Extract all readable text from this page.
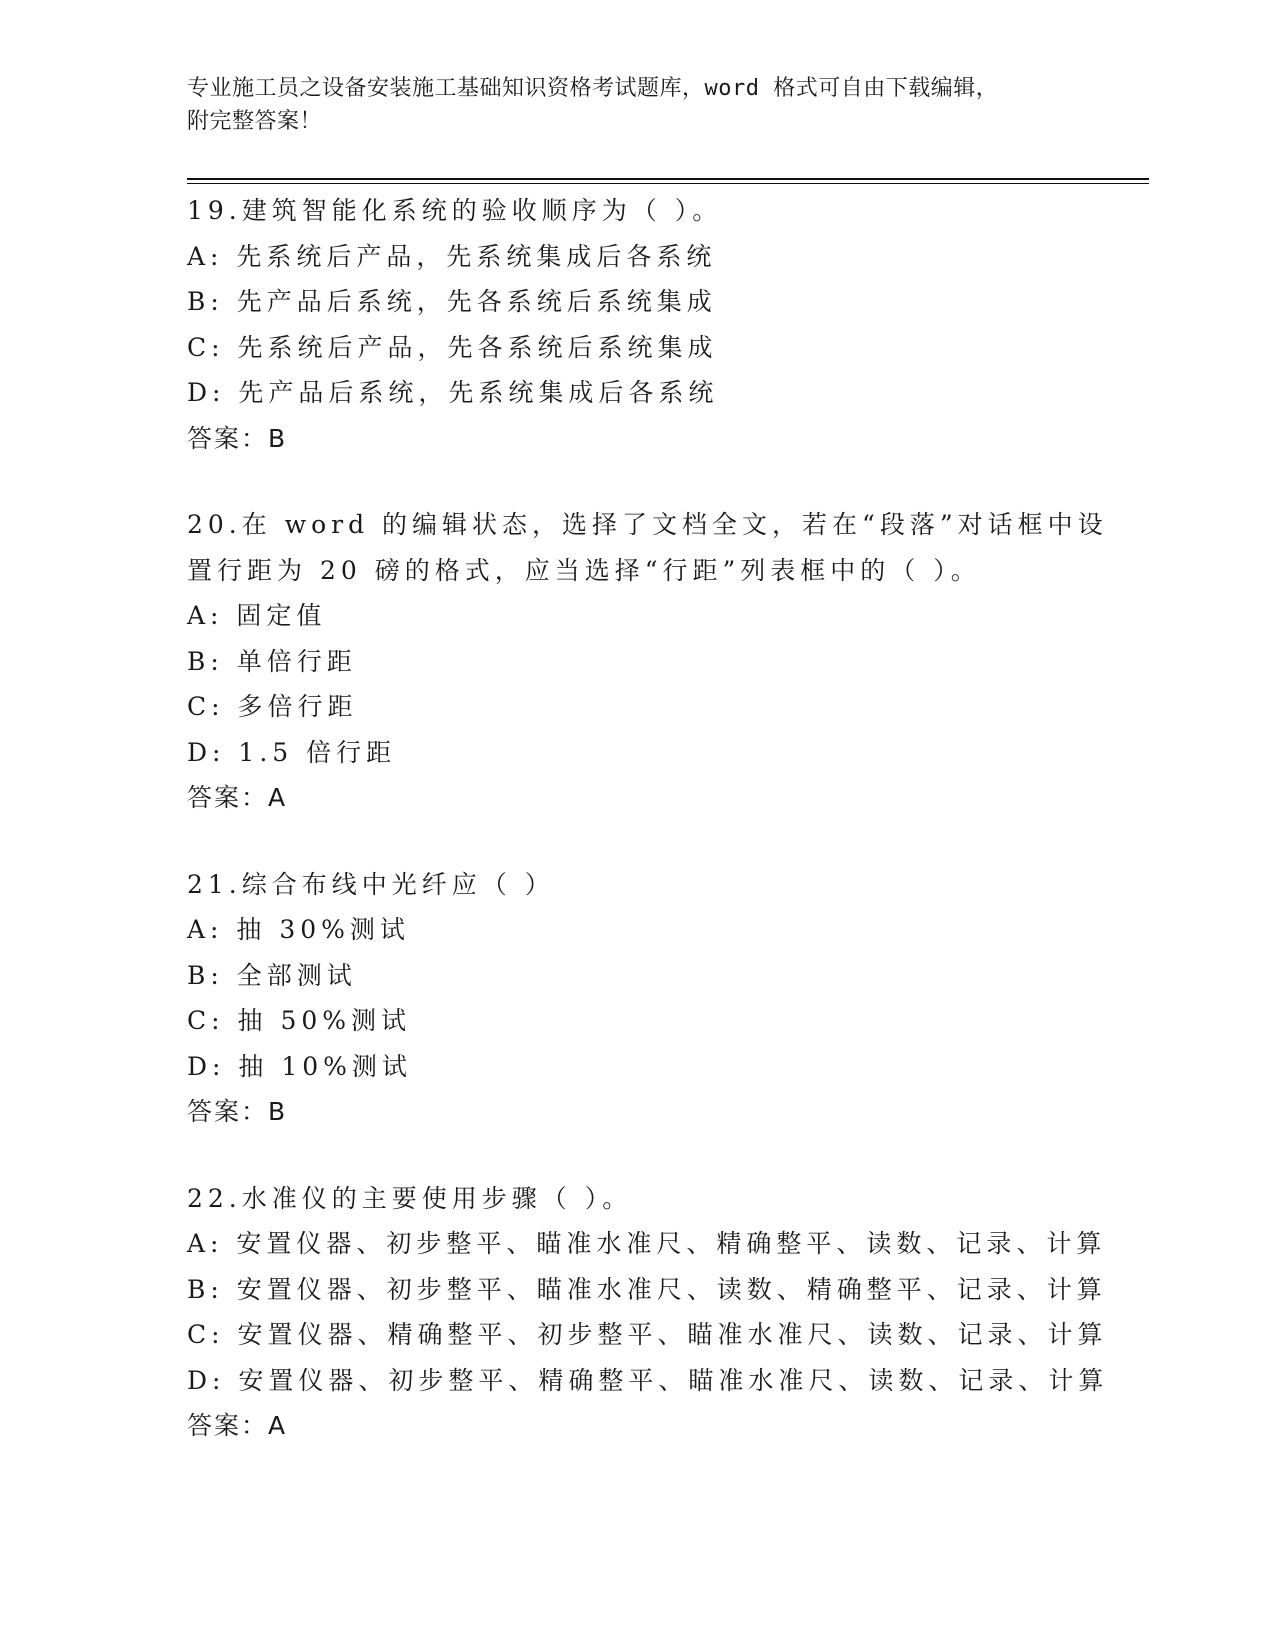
专业施工员之设备安装施工基础知识资格考试题库，word 格式可自由下载编辑，
附完整答案！
19.建筑智能化系统的验收顺序为（ ）。
A: 先系统后产品，先系统集成后各系统
B: 先产品后系统，先各系统后系统集成
C: 先系统后产品，先各系统后系统集成
D: 先产品后系统，先系统集成后各系统
答案：B
20.在 word 的编辑状态，选择了文档全文，若在“段落”对话框中设
置行距为 20 磅的格式，应当选择“行距”列表框中的（ ）。
A: 固定值
B: 单倍行距
C: 多倍行距
D: 1.5 倍行距
答案：A
21.综合布线中光纤应（ ）
A: 抽 30%测试
B: 全部测试
C: 抽 50%测试
D: 抽 10%测试
答案：B
22.水准仪的主要使用步骤（ ）。
A: 安置仪器、初步整平、瞄准水准尺、精确整平、读数、记录、计算
B: 安置仪器、初步整平、瞄准水准尺、读数、精确整平、记录、计算
C: 安置仪器、精确整平、初步整平、瞄准水准尺、读数、记录、计算
D: 安置仪器、初步整平、精确整平、瞄准水准尺、读数、记录、计算
答案：A
